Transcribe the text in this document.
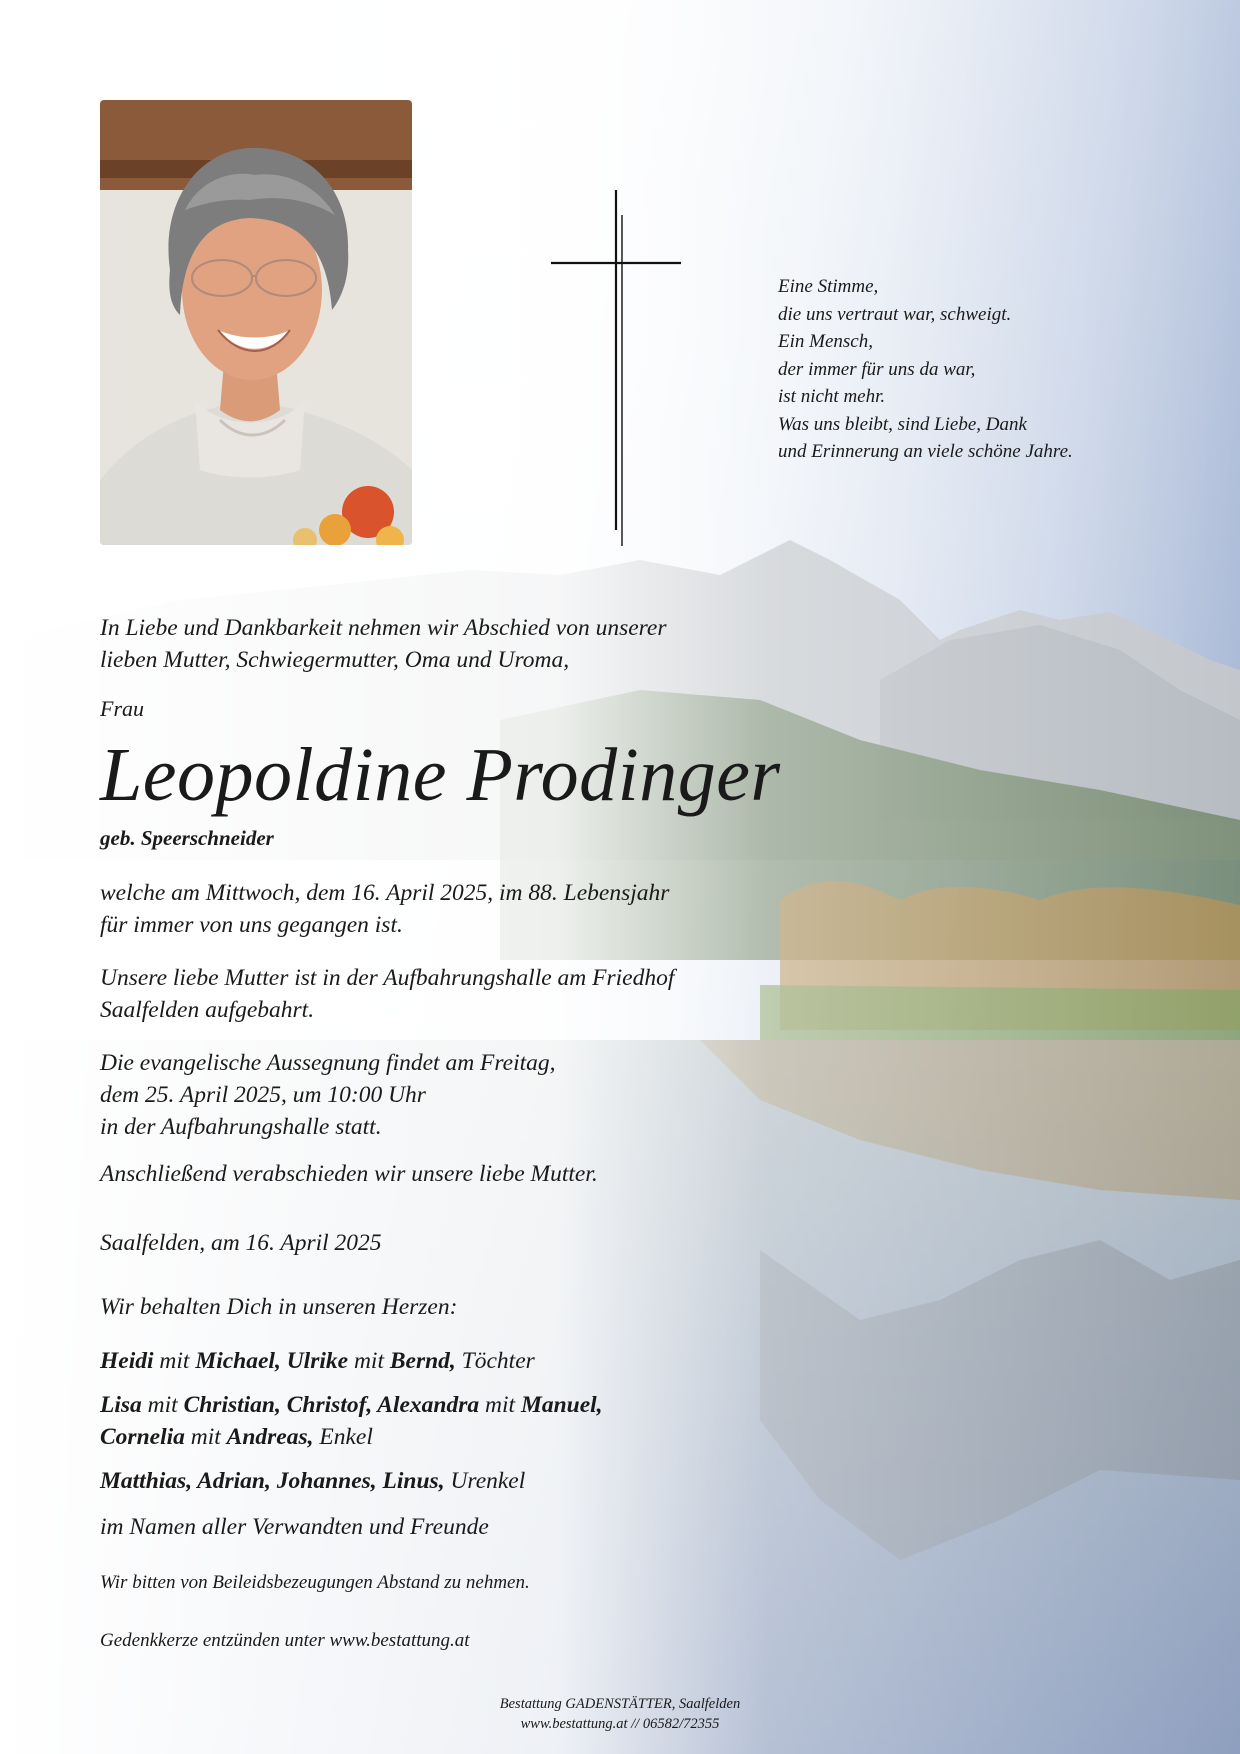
Eine Stimme,
die uns vertraut war, schweigt.
Ein Mensch,
der immer für uns da war,
ist nicht mehr.
Was uns bleibt, sind Liebe, Dank
und Erinnerung an viele schöne Jahre.
In Liebe und Dankbarkeit nehmen wir Abschied von unserer
lieben Mutter, Schwiegermutter, Oma und Uroma,
Frau
Leopoldine Prodinger
geb. Speerschneider
welche am Mittwoch, dem 16. April 2025, im 88. Lebensjahr
für immer von uns gegangen ist.
Unsere liebe Mutter ist in der Aufbahrungshalle am Friedhof
Saalfelden aufgebahrt.
Die evangelische Aussegnung findet am Freitag,
dem 25. April 2025, um 10:00 Uhr
in der Aufbahrungshalle statt.
Anschließend verabschieden wir unsere liebe Mutter.
Saalfelden, am 16. April 2025
Wir behalten Dich in unseren Herzen:
Heidi mit Michael, Ulrike mit Bernd, Töchter
Lisa mit Christian, Christof, Alexandra mit Manuel,
Cornelia mit Andreas, Enkel
Matthias, Adrian, Johannes, Linus, Urenkel
im Namen aller Verwandten und Freunde
Wir bitten von Beileidsbezeugungen Abstand zu nehmen.
Gedenkkerze entzünden unter www.bestattung.at
Bestattung GADENSTÄTTER, Saalfelden
www.bestattung.at // 06582/72355
